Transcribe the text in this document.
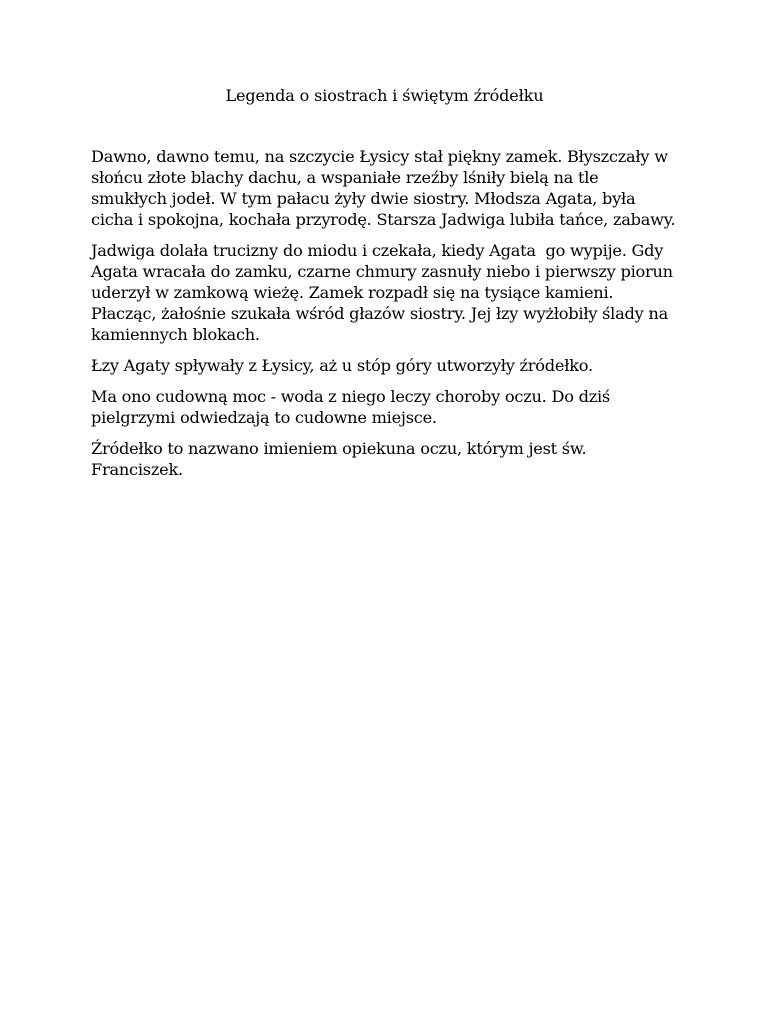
Legenda o siostrach i świętym źródełku

Dawno, dawno temu, na szczycie Łysicy stał piękny zamek. Błyszczały w słońcu złote blachy dachu, a wspaniałe rzeźby lśniły bielą na tle smukłych jodeł. W tym pałacu żyły dwie siostry. Młodsza Agata, była cicha i spokojna, kochała przyrodę. Starsza Jadwiga lubiła tańce, zabawy.

Jadwiga dolała trucizny do miodu i czekała, kiedy Agata  go wypije. Gdy Agata wracała do zamku, czarne chmury zasnuły niebo i pierwszy piorun uderzył w zamkową wieżę. Zamek rozpadł się na tysiące kamieni. Płacząc, żałośnie szukała wśród głazów siostry. Jej łzy wyżłobiły ślady na kamiennych blokach.

Łzy Agaty spływały z Łysicy, aż u stóp góry utworzyły źródełko.

Ma ono cudowną moc - woda z niego leczy choroby oczu. Do dziś pielgrzymi odwiedzają to cudowne miejsce.

Źródełko to nazwano imieniem opiekuna oczu, którym jest św. Franciszek.
